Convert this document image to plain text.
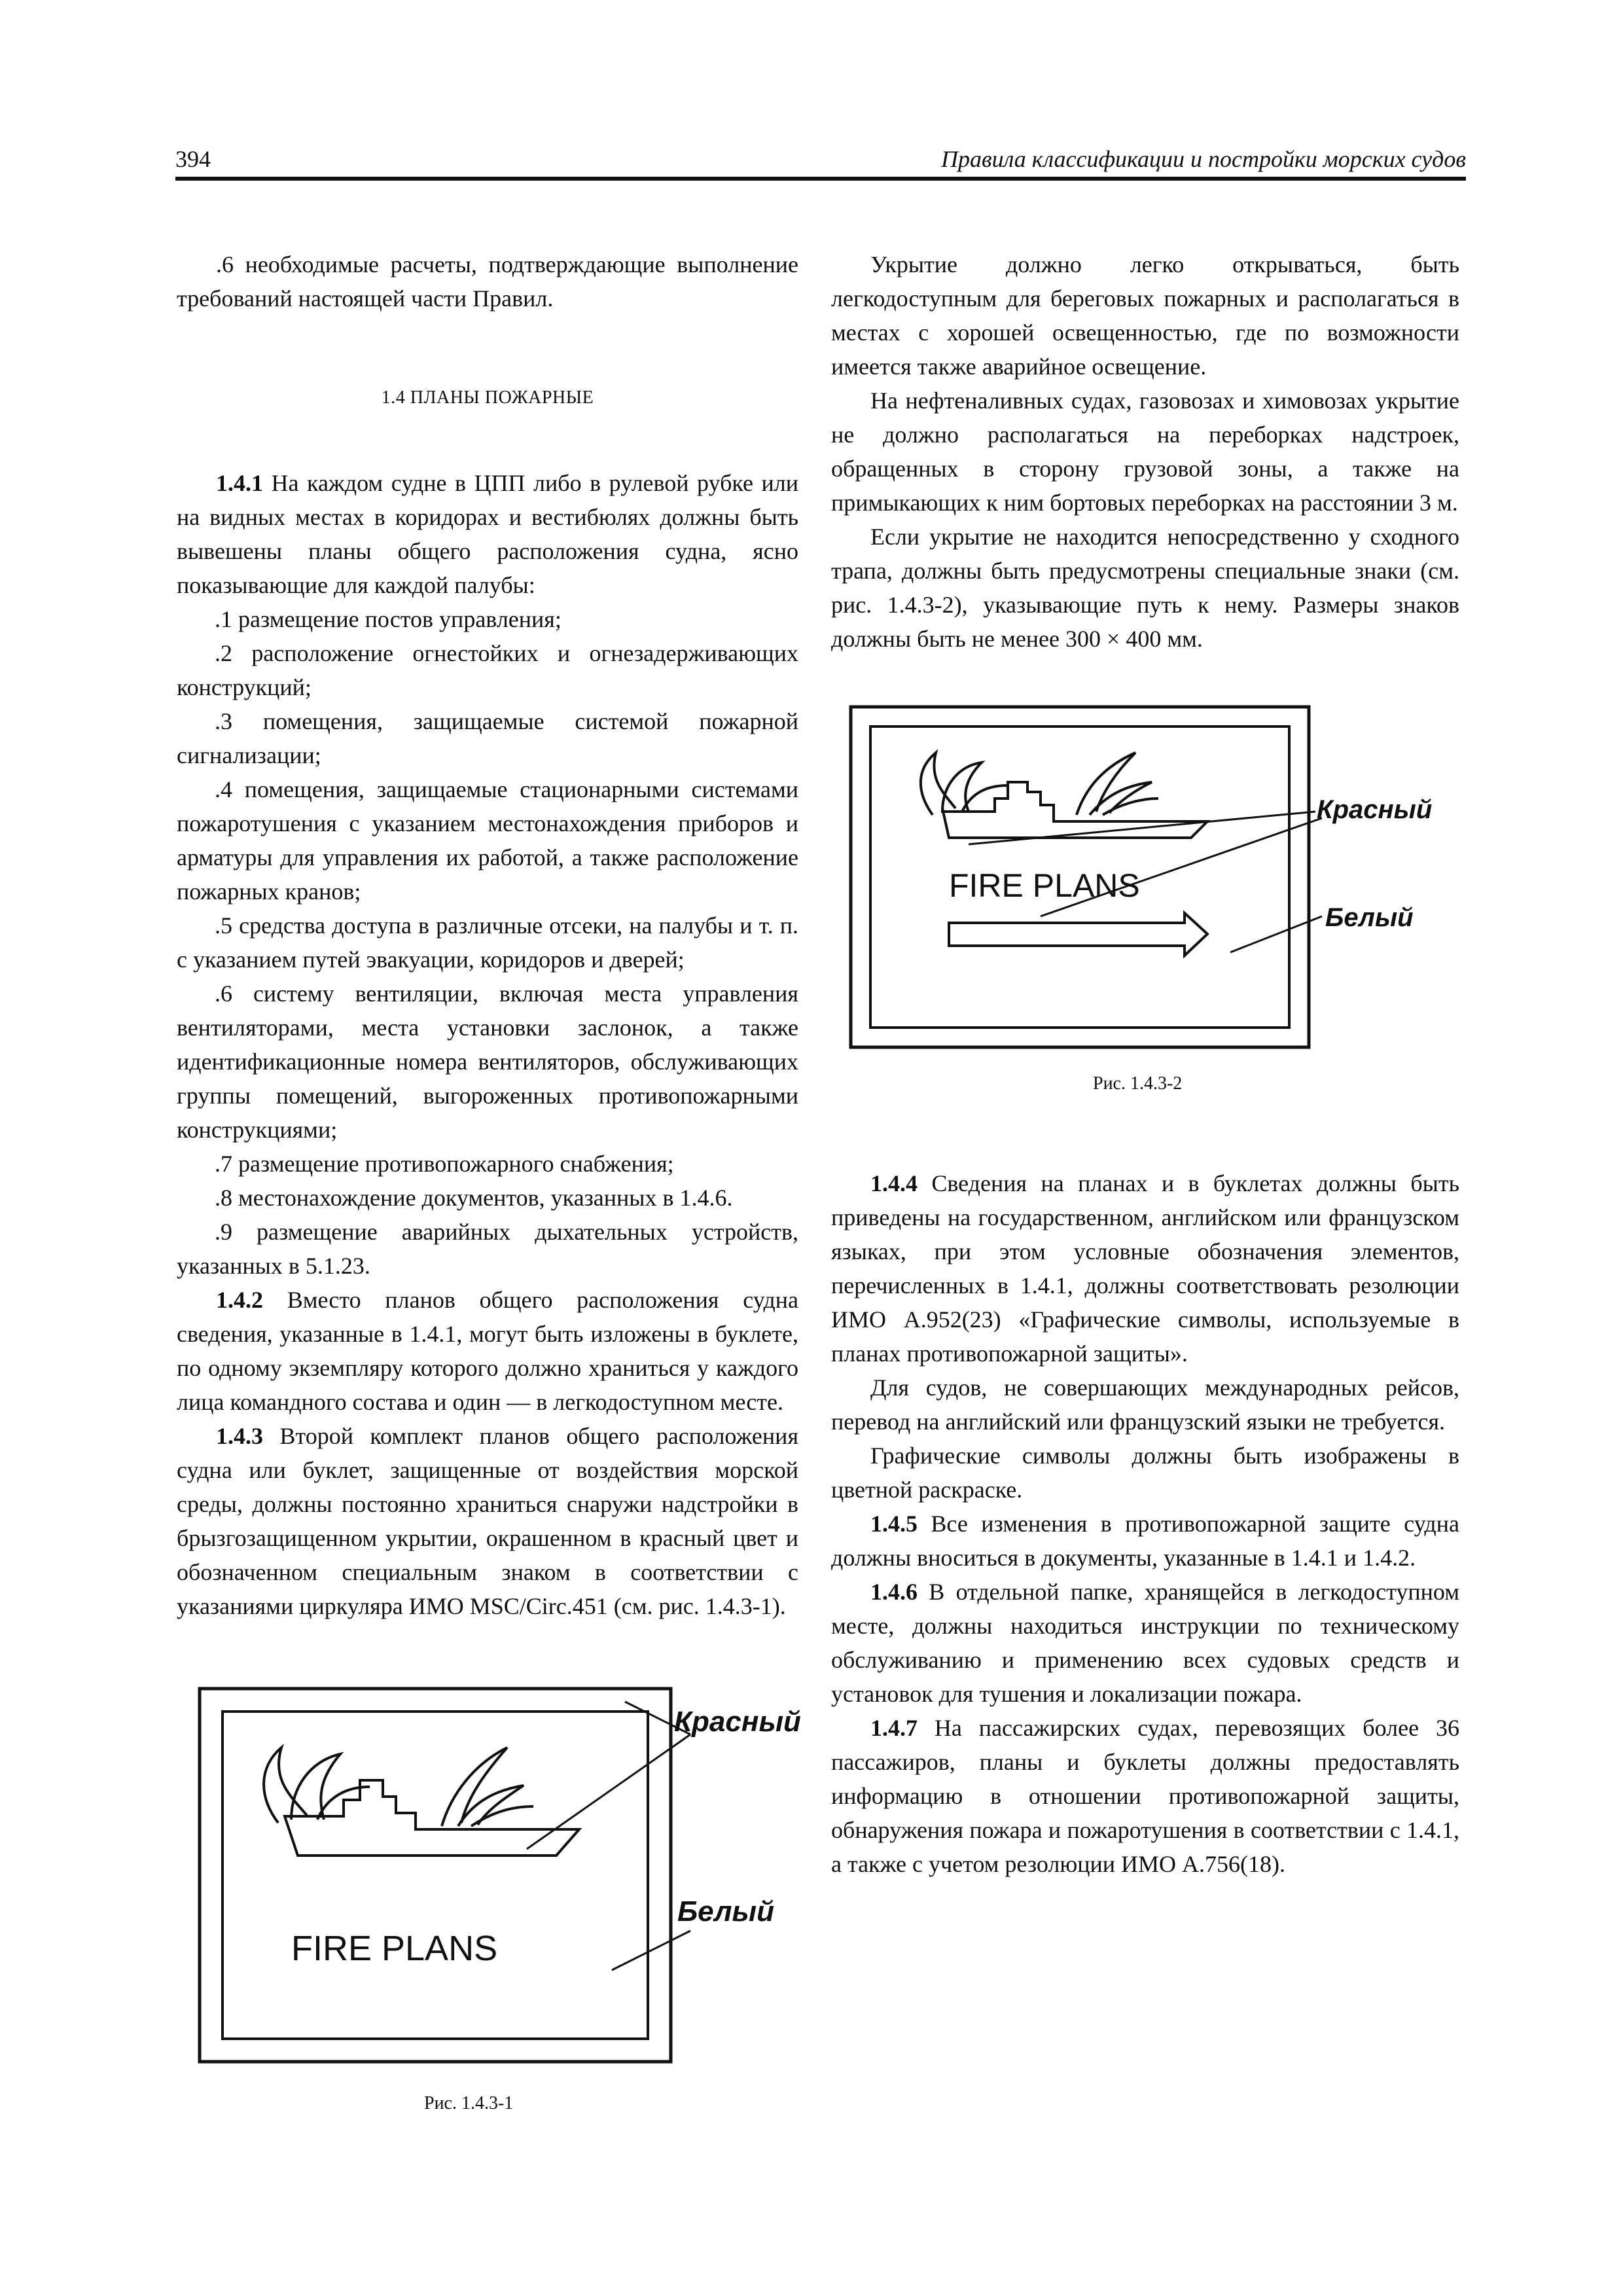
394	Правила классификации и постройки морских судов

.6 необходимые расчеты, подтверждающие выполнение требований настоящей части Правил.

1.4 ПЛАНЫ ПОЖАРНЫЕ

1.4.1 На каждом судне в ЦПП либо в рулевой рубке или на видных местах в коридорах и вестибюлях должны быть вывешены планы общего расположения судна, ясно показывающие для каждой палубы:

.1 размещение постов управления;

.2 расположение огнестойких и огнезадерживающих конструкций;

.3 помещения, защищаемые системой пожарной сигнализации;

.4 помещения, защищаемые стационарными системами пожаротушения с указанием местонахождения приборов и арматуры для управления их работой, а также расположение пожарных кранов;

.5 средства доступа в различные отсеки, на палубы и т. п. с указанием путей эвакуации, коридоров и дверей;

.6 систему вентиляции, включая места управления вентиляторами, места установки заслонок, а также идентификационные номера вентиляторов, обслуживающих группы помещений, выгороженных противопожарными конструкциями;

.7 размещение противопожарного снабжения;

.8 местонахождение документов, указанных в 1.4.6.

.9 размещение аварийных дыхательных устройств, указанных в 5.1.23.

1.4.2 Вместо планов общего расположения судна сведения, указанные в 1.4.1, могут быть изложены в буклете, по одному экземпляру которого должно храниться у каждого лица командного состава и один — в легкодоступном месте.

1.4.3 Второй комплект планов общего расположения судна или буклет, защищенные от воздействия морской среды, должны постоянно храниться снаружи надстройки в брызгозащищенном укрытии, окрашенном в красный цвет и обозначенном специальным знаком в соответствии с указаниями циркуляра ИМО MSC/Circ.451 (см. рис. 1.4.3-1).

Укрытие должно легко открываться, быть легкодоступным для береговых пожарных и располагаться в местах с хорошей освещенностью, где по возможности имеется также аварийное освещение.

На нефтеналивных судах, газовозах и химовозах укрытие не должно располагаться на переборках надстроек, обращенных в сторону грузовой зоны, а также на примыкающих к ним бортовых переборках на расстоянии 3 м.

Если укрытие не находится непосредственно у сходного трапа, должны быть предусмотрены специальные знаки (см. рис. 1.4.3-2), указывающие путь к нему. Размеры знаков должны быть не менее 300 × 400 мм.

1.4.4 Сведения на планах и в буклетах должны быть приведены на государственном, английском или французском языках, при этом условные обозначения элементов, перечисленных в 1.4.1, должны соответствовать резолюции ИМО А.952(23) «Графические символы, используемые в планах противопожарной защиты».

Для судов, не совершающих международных рейсов, перевод на английский или французский языки не требуется.

Графические символы должны быть изображены в цветной раскраске.

1.4.5 Все изменения в противопожарной защите судна должны вноситься в документы, указанные в 1.4.1 и 1.4.2.

1.4.6 В отдельной папке, хранящейся в легкодоступном месте, должны находиться инструкции по техническому обслуживанию и применению всех судовых средств и установок для тушения и локализации пожара.

1.4.7 На пассажирских судах, перевозящих более 36 пассажиров, планы и буклеты должны предоставлять информацию в отношении противопожарной защиты, обнаружения пожара и пожаротушения в соответствии с 1.4.1, а также с учетом резолюции ИМО А.756(18).

FIRE PLANS
Красный
Белый
Рис. 1.4.3-2
FIRE PLANS
Красный
Белый
Рис. 1.4.3-1
